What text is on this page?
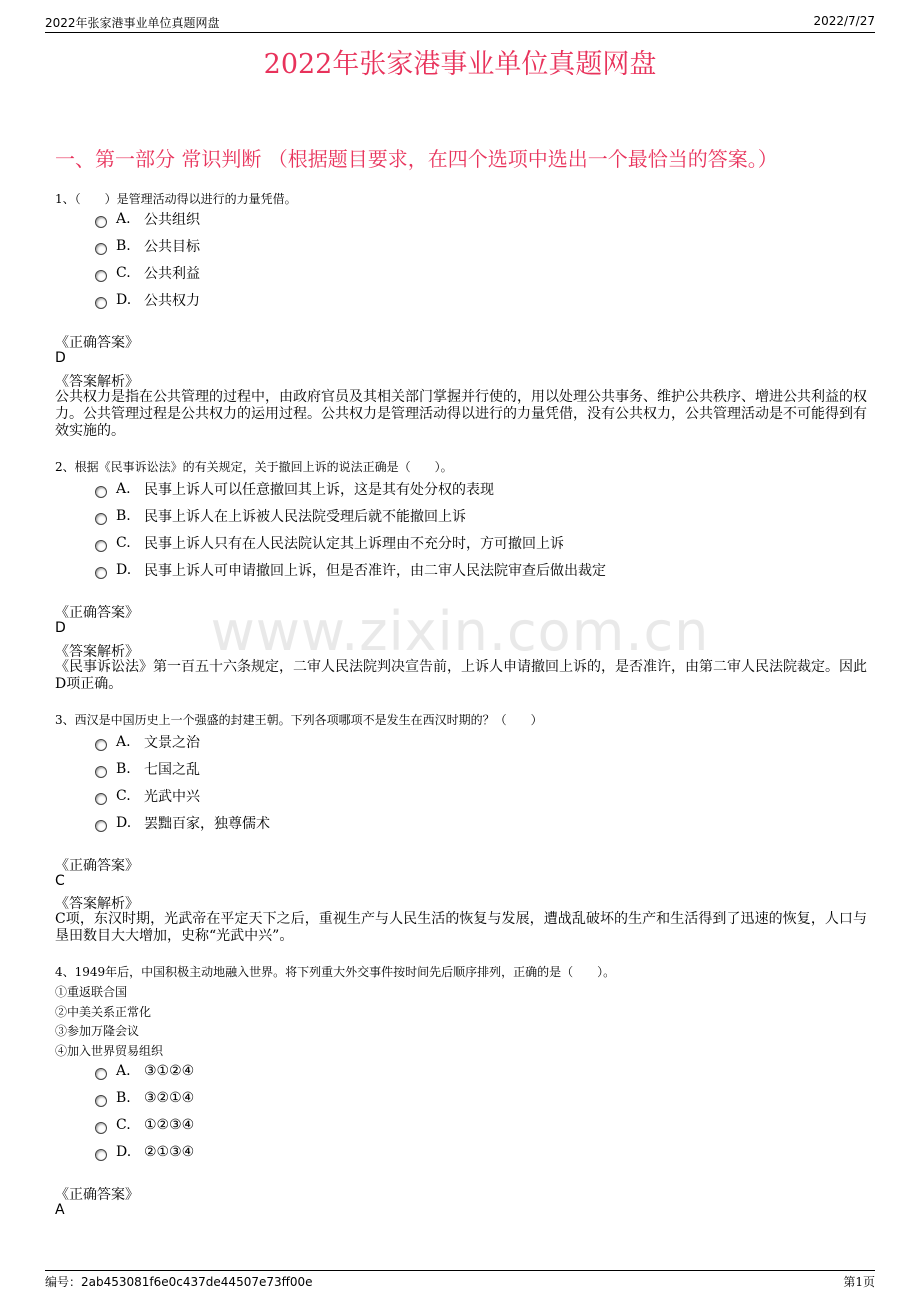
2022年张家港事业单位真题网盘	2022/7/27
www.zixin.com.cn
2022年张家港事业单位真题网盘
一、第一部分 常识判断 （根据题目要求，在四个选项中选出一个最恰当的答案。）
1、（　　）是管理活动得以进行的力量凭借。
A. 公共组织
B. 公共目标
C. 公共利益
D. 公共权力
《正确答案》
D
《答案解析》
公共权力是指在公共管理的过程中，由政府官员及其相关部门掌握并行使的，用以处理公共事务、维护公共秩序、增进公共利益的权力。公共管理过程是公共权力的运用过程。公共权力是管理活动得以进行的力量凭借，没有公共权力，公共管理活动是不可能得到有效实施的。
2、根据《民事诉讼法》的有关规定，关于撤回上诉的说法正确是（　　）。
A. 民事上诉人可以任意撤回其上诉，这是其有处分权的表现
B. 民事上诉人在上诉被人民法院受理后就不能撤回上诉
C. 民事上诉人只有在人民法院认定其上诉理由不充分时，方可撤回上诉
D. 民事上诉人可申请撤回上诉，但是否准许，由二审人民法院审查后做出裁定
《正确答案》
D
《答案解析》
《民事诉讼法》第一百五十六条规定，二审人民法院判决宣告前，上诉人申请撤回上诉的，是否准许，由第二审人民法院裁定。因此D项正确。
3、西汉是中国历史上一个强盛的封建王朝。下列各项哪项不是发生在西汉时期的？（　　）
A. 文景之治
B. 七国之乱
C. 光武中兴
D. 罢黜百家，独尊儒术
《正确答案》
C
《答案解析》
C项，东汉时期，光武帝在平定天下之后，重视生产与人民生活的恢复与发展，遭战乱破坏的生产和生活得到了迅速的恢复，人口与垦田数目大大增加，史称“光武中兴”。
4、1949年后，中国积极主动地融入世界。将下列重大外交事件按时间先后顺序排列，正确的是（　　）。
①重返联合国
②中美关系正常化
③参加万隆会议
④加入世界贸易组织
A. ③①②④
B. ③②①④
C. ①②③④
D. ②①③④
《正确答案》
A
编号：2ab453081f6e0c437de44507e73ff00e	第1页
